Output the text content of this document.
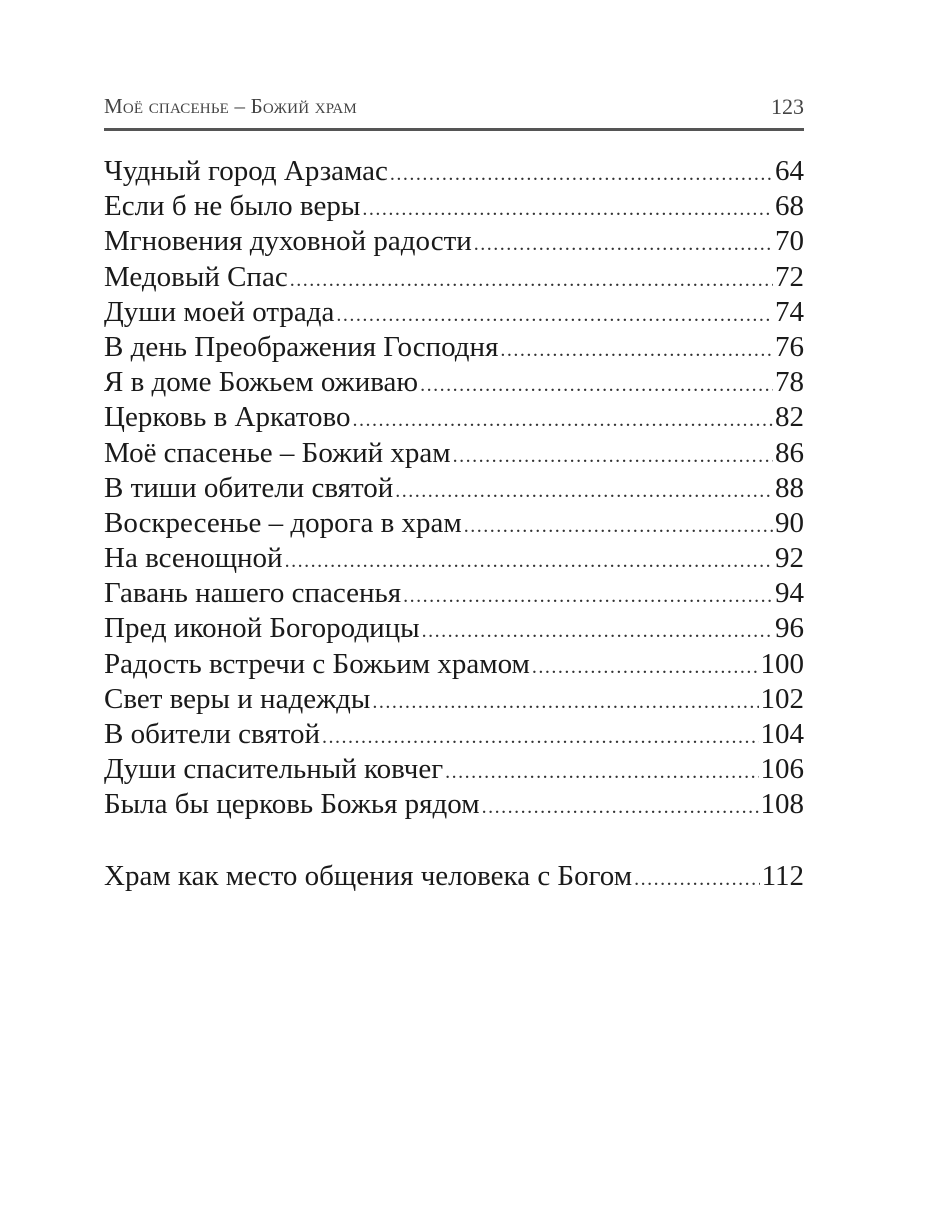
Моё спасенье – Божий храм	123
Чудный город Арзамас .....	64
Если б не было веры .....	68
Мгновения духовной радости .....	70
Медовый Спас .....	72
Души моей отрада .....	74
В день Преображения Господня .....	76
Я в доме Божьем оживаю .....	78
Церковь в Аркатово .....	82
Моё спасенье – Божий храм .....	86
В тиши обители святой .....	88
Воскресенье – дорога в храм .....	90
На всенощной .....	92
Гавань нашего спасенья .....	94
Пред иконой Богородицы .....	96
Радость встречи с Божьим храмом .....	100
Свет веры и надежды .....	102
В обители святой .....	104
Души спасительный ковчег .....	106
Была бы церковь Божья рядом .....	108
Храм как место общения человека с Богом .....	112
